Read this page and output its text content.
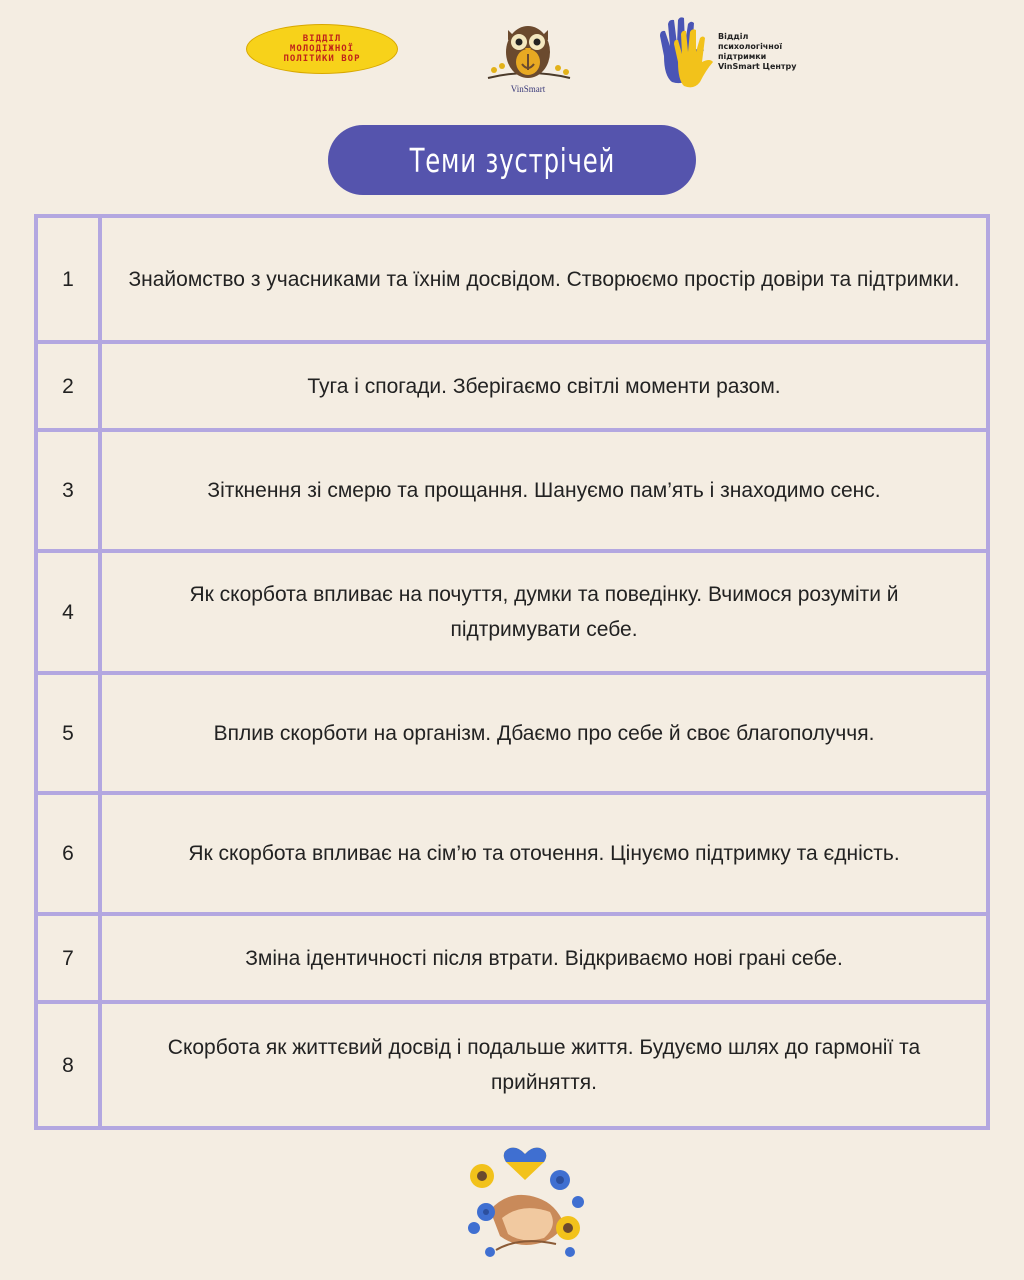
ВІДДІЛ
МОЛОДІЖНОЇ
ПОЛІТИКИ ВОР
VinSmart
Відділ
психологічної
підтримки
VinSmart Центру
Теми зустрічей
1	Знайомство з учасниками та їхнім досвідом. Створюємо простір довіри та підтримки.
2	Туга і спогади. Зберігаємо світлі моменти разом.
3	Зіткнення зі смерю та прощання. Шануємо пам’ять і знаходимо сенс.
4	Як скорбота впливає на почуття, думки та поведінку. Вчимося розуміти й підтримувати себе.
5	Вплив скорботи на організм. Дбаємо про себе й своє благополуччя.
6	Як скорбота впливає на сім’ю та оточення. Цінуємо підтримку та єдність.
7	Зміна ідентичності після втрати. Відкриваємо нові грані себе.
8	Скорбота як життєвий досвід і подальше життя. Будуємо шлях до гармонії та прийняття.
